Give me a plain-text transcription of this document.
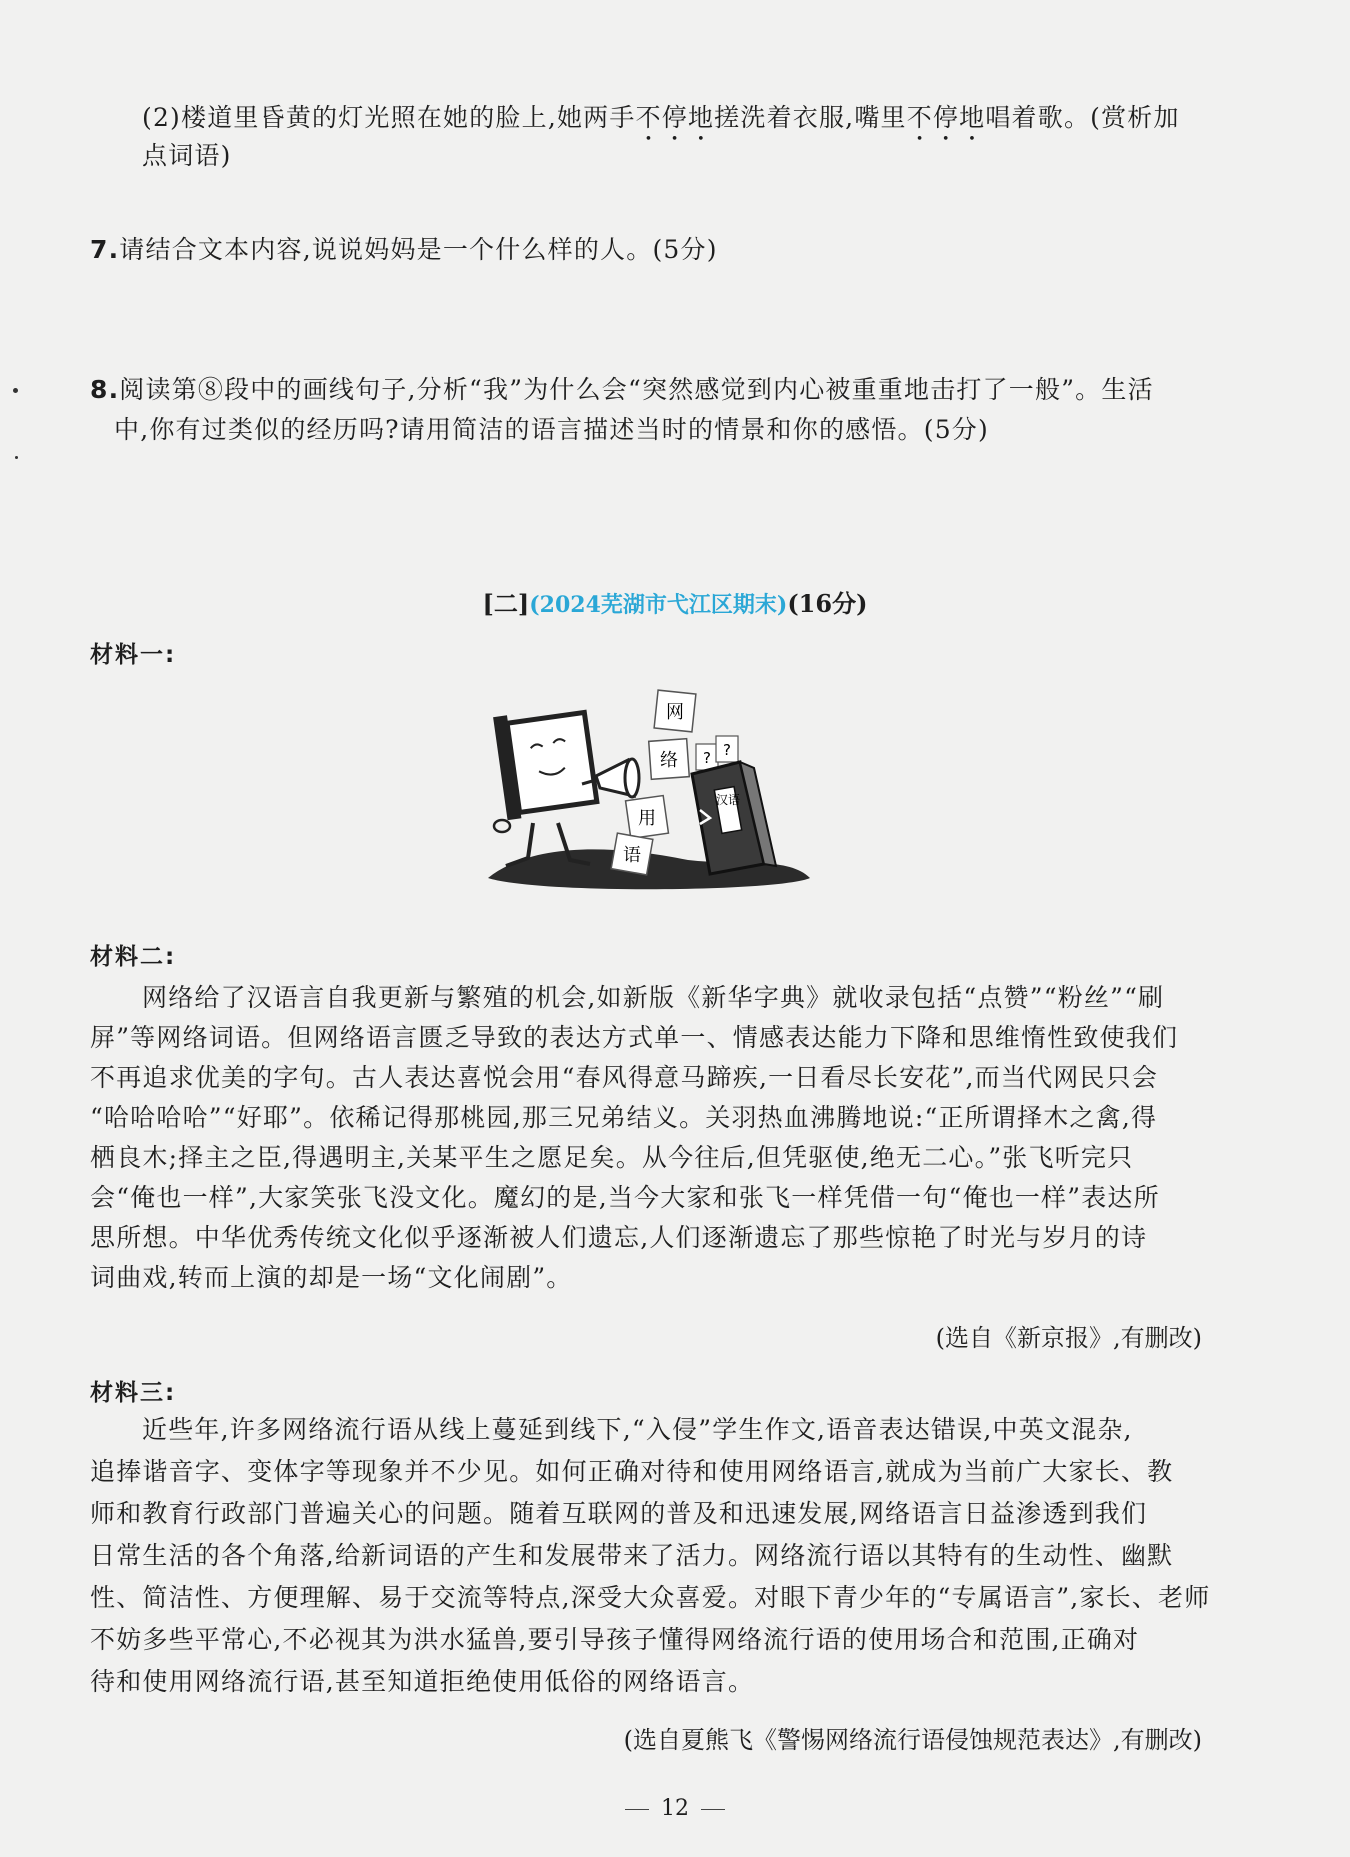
(2)楼道里昏黄的灯光照在她的脸上,她两手不停地搓洗着衣服,嘴里不停地唱着歌。(赏析加
点词语)
7.请结合文本内容,说说妈妈是一个什么样的人。(5分)
8.阅读第⑧段中的画线句子,分析“我”为什么会“突然感觉到内心被重重地击打了一般”。生活
中,你有过类似的经历吗?请用简洁的语言描述当时的情景和你的感悟。(5分)
[二](2024芜湖市弋江区期末)(16分)
材料一:
网
络
用
语
? ?
汉语
材料二:
网络给了汉语言自我更新与繁殖的机会,如新版《新华字典》就收录包括“点赞”“粉丝”“刷
屏”等网络词语。但网络语言匮乏导致的表达方式单一、情感表达能力下降和思维惰性致使我们
不再追求优美的字句。古人表达喜悦会用“春风得意马蹄疾,一日看尽长安花”,而当代网民只会
“哈哈哈哈”“好耶”。依稀记得那桃园,那三兄弟结义。关羽热血沸腾地说:“正所谓择木之禽,得
栖良木;择主之臣,得遇明主,关某平生之愿足矣。从今往后,但凭驱使,绝无二心。”张飞听完只
会“俺也一样”,大家笑张飞没文化。魔幻的是,当今大家和张飞一样凭借一句“俺也一样”表达所
思所想。中华优秀传统文化似乎逐渐被人们遗忘,人们逐渐遗忘了那些惊艳了时光与岁月的诗
词曲戏,转而上演的却是一场“文化闹剧”。
(选自《新京报》,有删改)
材料三:
近些年,许多网络流行语从线上蔓延到线下,“入侵”学生作文,语音表达错误,中英文混杂,
追捧谐音字、变体字等现象并不少见。如何正确对待和使用网络语言,就成为当前广大家长、教
师和教育行政部门普遍关心的问题。随着互联网的普及和迅速发展,网络语言日益渗透到我们
日常生活的各个角落,给新词语的产生和发展带来了活力。网络流行语以其特有的生动性、幽默
性、简洁性、方便理解、易于交流等特点,深受大众喜爱。对眼下青少年的“专属语言”,家长、老师
不妨多些平常心,不必视其为洪水猛兽,要引导孩子懂得网络流行语的使用场合和范围,正确对
待和使用网络流行语,甚至知道拒绝使用低俗的网络语言。
(选自夏熊飞《警惕网络流行语侵蚀规范表达》,有删改)
12
